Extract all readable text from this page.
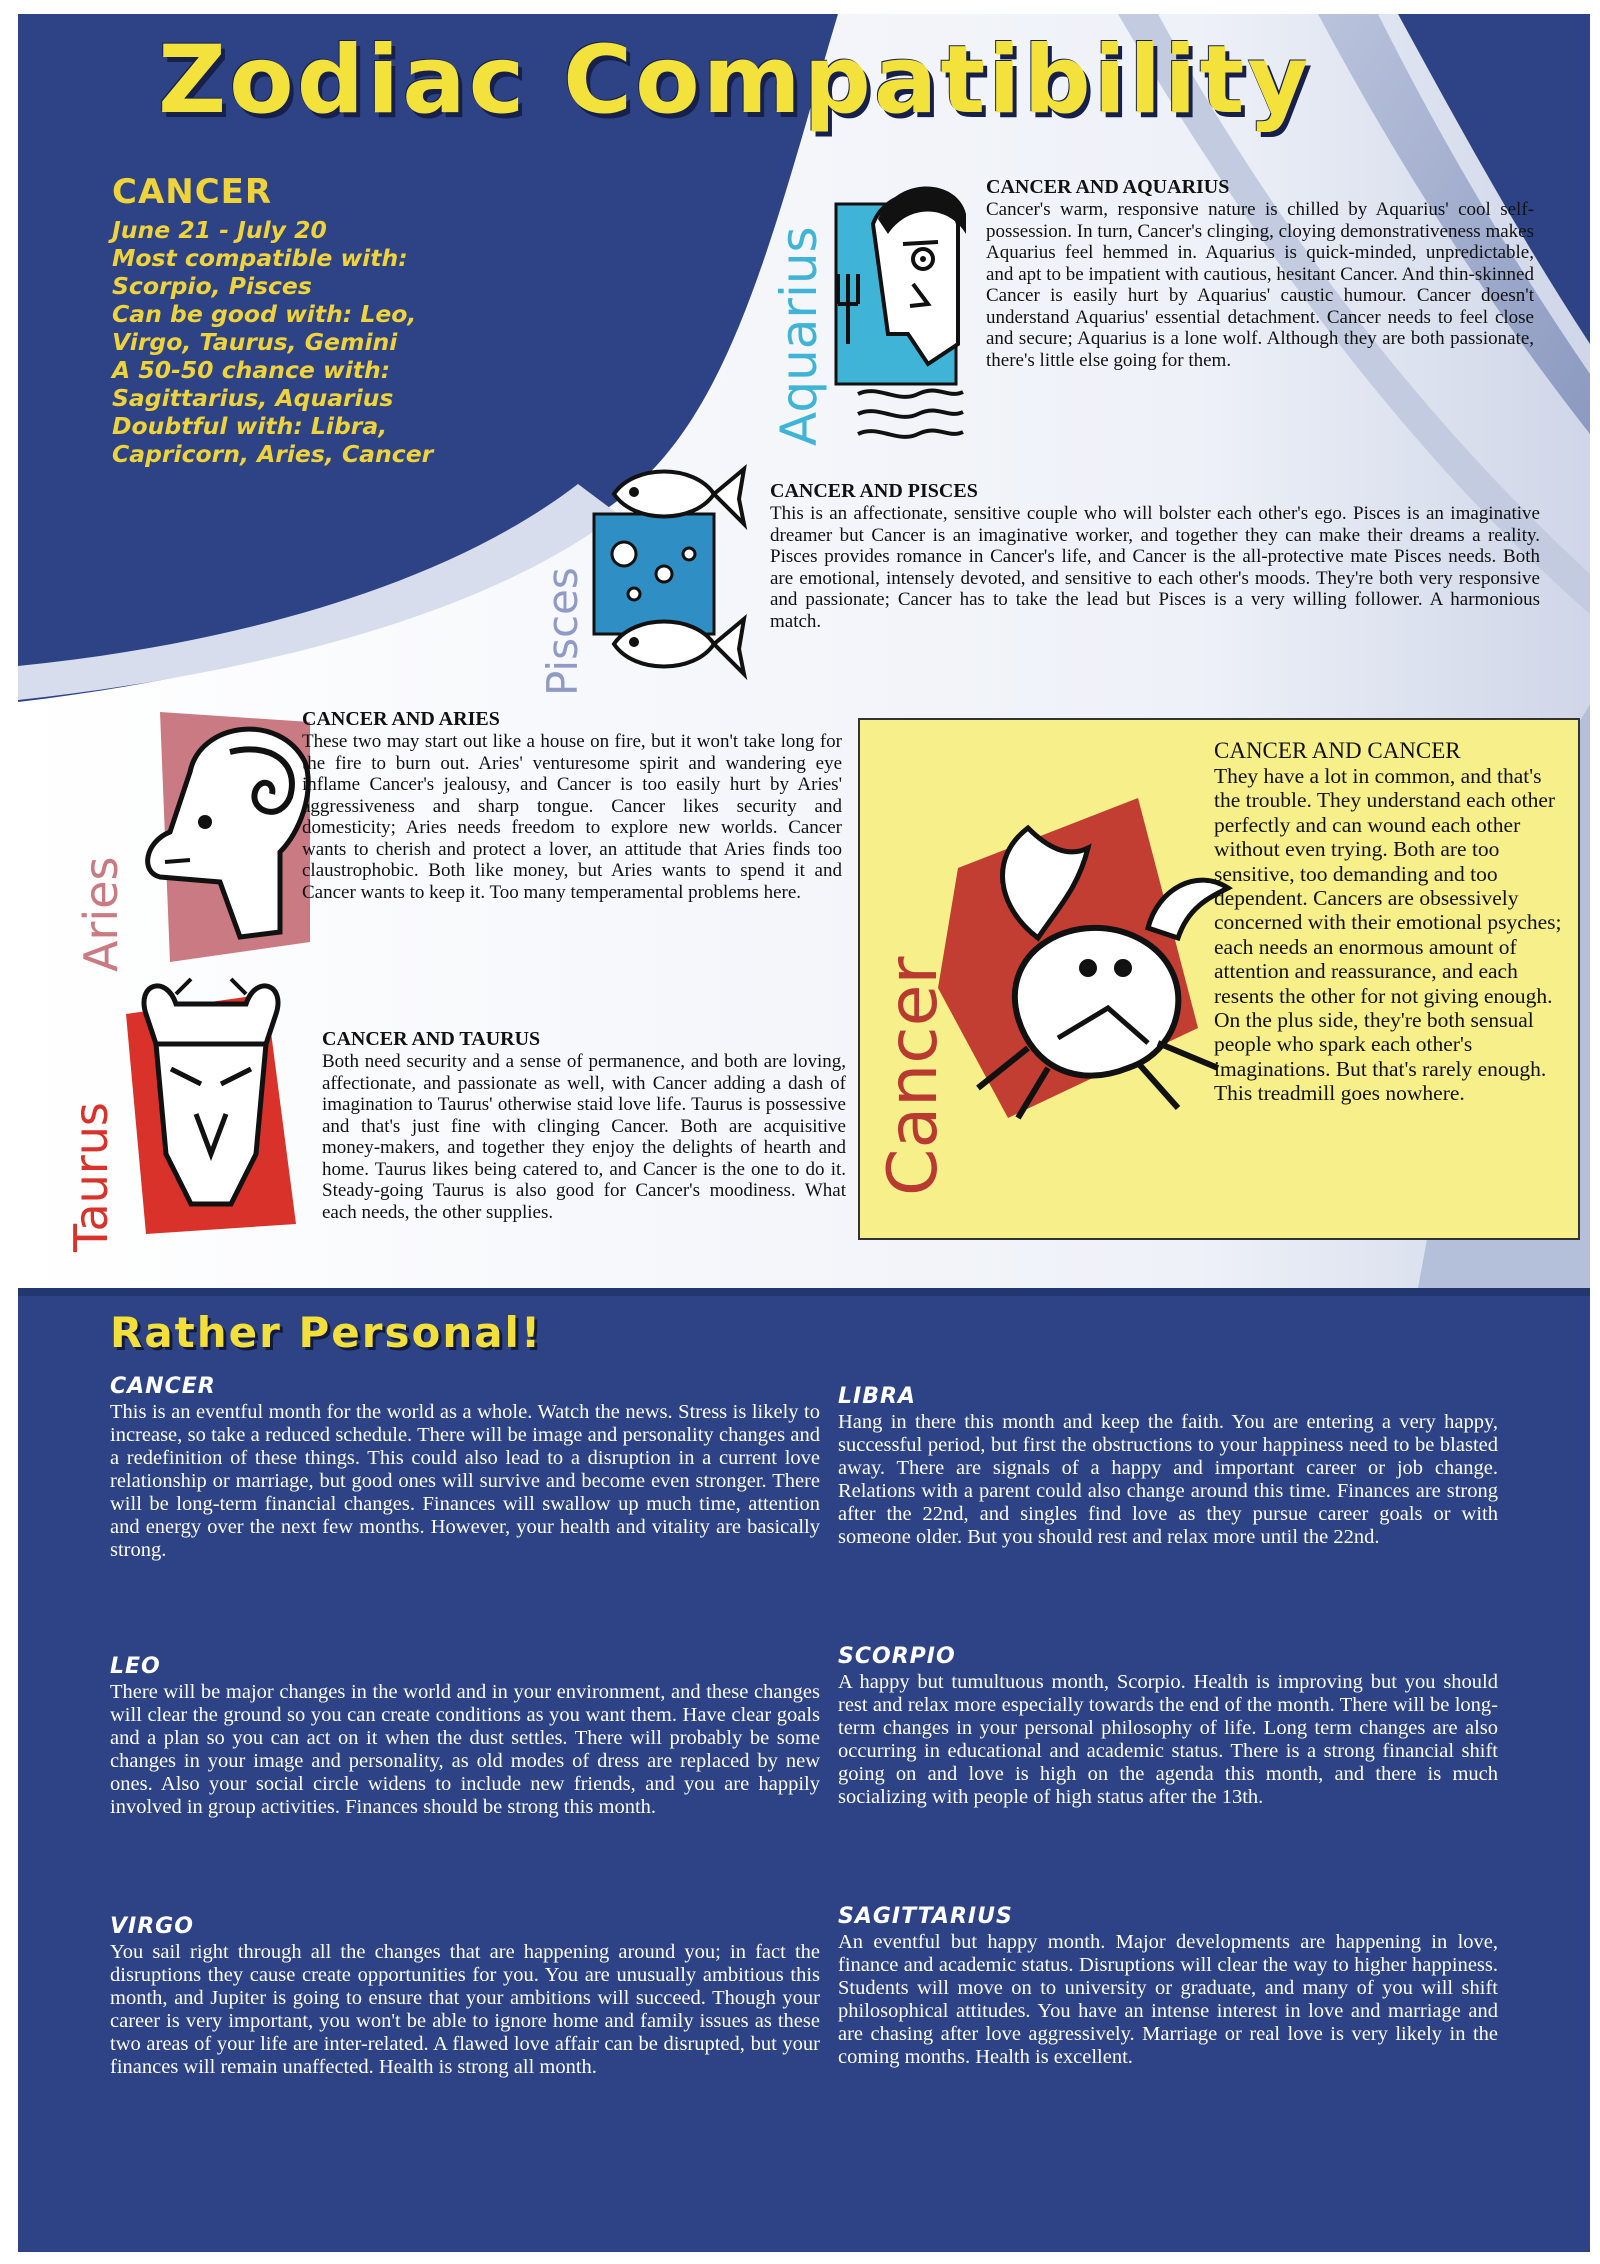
Zodiac Compatibility
CANCER
June 21 - July 20
Most compatible with:
Scorpio, Pisces
Can be good with: Leo,
Virgo, Taurus, Gemini
A 50-50 chance with:
Sagittarius, Aquarius
Doubtful with: Libra,
Capricorn, Aries, Cancer
Aquarius
CANCER AND AQUARIUS

Cancer's warm, responsive nature is chilled by Aquarius' cool self-possession. In turn, Cancer's clinging, cloying demonstrativeness makes Aquarius feel hemmed in. Aquarius is quick-minded, unpredictable, and apt to be impatient with cautious, hesitant Cancer. And thin-skinned Cancer is easily hurt by Aquarius' caustic humour. Cancer doesn't understand Aquarius' essential detachment. Cancer needs to feel close and secure; Aquarius is a lone wolf. Although they are both passionate, there's little else going for them.

Pisces
CANCER AND PISCES

This is an affectionate, sensitive couple who will bolster each other's ego. Pisces is an imaginative dreamer but Cancer is an imaginative worker, and together they can make their dreams a reality. Pisces provides romance in Cancer's life, and Cancer is the all-protective mate Pisces needs. Both are emotional, intensely devoted, and sensitive to each other's moods. They're both very responsive and passionate; Cancer has to take the lead but Pisces is a very willing follower. A harmonious match.

Aries
CANCER AND ARIES

These two may start out like a house on fire, but it won't take long for the fire to burn out. Aries' venturesome spirit and wandering eye inflame Cancer's jealousy, and Cancer is too easily hurt by Aries' aggressiveness and sharp tongue. Cancer likes security and domesticity; Aries needs freedom to explore new worlds. Cancer wants to cherish and protect a lover, an attitude that Aries finds too claustrophobic. Both like money, but Aries wants to spend it and Cancer wants to keep it. Too many temperamental problems here.

Taurus
CANCER AND TAURUS

Both need security and a sense of permanence, and both are loving, affectionate, and passionate as well, with Cancer adding a dash of imagination to Taurus' otherwise staid love life. Taurus is possessive and that's just fine with clinging Cancer. Both are acquisitive money-makers, and together they enjoy the delights of hearth and home. Taurus likes being catered to, and Cancer is the one to do it. Steady-going Taurus is also good for Cancer's moodiness. What each needs, the other supplies.

Cancer
CANCER AND CANCER

They have a lot in common, and that's the trouble. They understand each other perfectly and can wound each other without even trying. Both are too sensitive, too demanding and too dependent. Cancers are obsessively concerned with their emotional psyches; each needs an enormous amount of attention and reassurance, and each resents the other for not giving enough. On the plus side, they're both sensual people who spark each other's imaginations. But that's rarely enough. This treadmill goes nowhere.

Rather Personal!
CANCER

This is an eventful month for the world as a whole. Watch the news. Stress is likely to increase, so take a reduced schedule. There will be image and personality changes and a redefinition of these things. This could also lead to a disruption in a current love relationship or marriage, but good ones will survive and become even stronger. There will be long-term financial changes. Finances will swallow up much time, attention and energy over the next few months. However, your health and vitality are basically strong.

LEO

There will be major changes in the world and in your environment, and these changes will clear the ground so you can create conditions as you want them. Have clear goals and a plan so you can act on it when the dust settles. There will probably be some changes in your image and personality, as old modes of dress are replaced by new ones. Also your social circle widens to include new friends, and you are happily involved in group activities. Finances should be strong this month.

VIRGO

You sail right through all the changes that are happening around you; in fact the disruptions they cause create opportunities for you. You are unusually ambitious this month, and Jupiter is going to ensure that your ambitions will succeed. Though your career is very important, you won't be able to ignore home and family issues as these two areas of your life are inter-related. A flawed love affair can be disrupted, but your finances will remain unaffected. Health is strong all month.

LIBRA

Hang in there this month and keep the faith. You are entering a very happy, successful period, but first the obstructions to your happiness need to be blasted away. There are signals of a happy and important career or job change. Relations with a parent could also change around this time. Finances are strong after the 22nd, and singles find love as they pursue career goals or with someone older. But you should rest and relax more until the 22nd.

SCORPIO

A happy but tumultuous month, Scorpio. Health is improving but you should rest and relax more especially towards the end of the month. There will be long-term changes in your personal philosophy of life. Long term changes are also occurring in educational and academic status. There is a strong financial shift going on and love is high on the agenda this month, and there is much socializing with people of high status after the 13th.

SAGITTARIUS

An eventful but happy month. Major developments are happening in love, finance and academic status. Disruptions will clear the way to higher happiness. Students will move on to university or graduate, and many of you will shift philosophical attitudes. You have an intense interest in love and marriage and are chasing after love aggressively. Marriage or real love is very likely in the coming months. Health is excellent.
